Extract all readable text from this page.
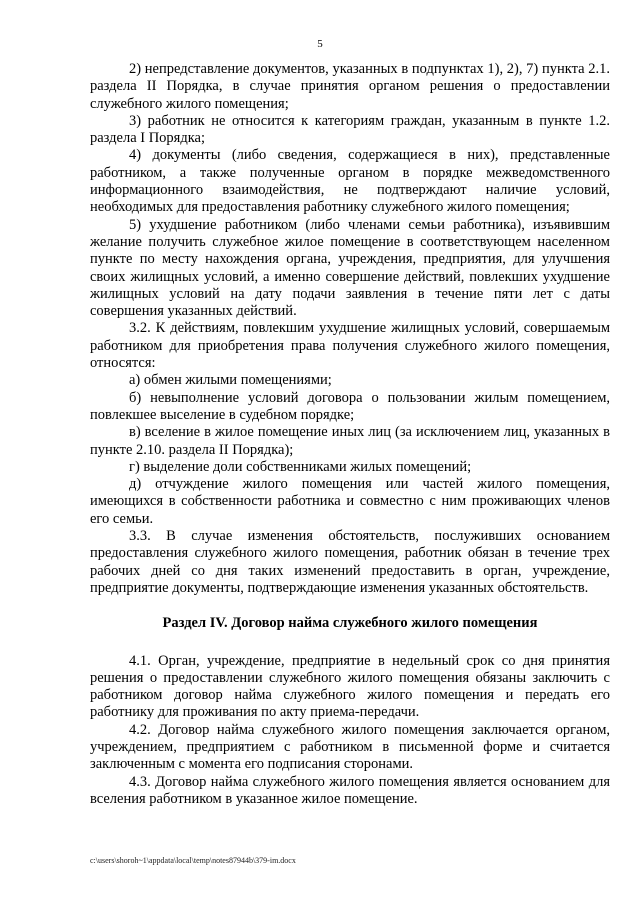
5

2) непредставление документов, указанных в подпунктах 1), 2), 7) пункта 2.1. раздела II Порядка, в случае принятия органом решения о предоставлении служебного жилого помещения;

3) работник не относится к категориям граждан, указанным в пункте 1.2. раздела I Порядка;

4) документы (либо сведения, содержащиеся в них), представленные работником, а также полученные органом в порядке межведомственного информационного взаимодействия, не подтверждают наличие условий, необходимых для предоставления работнику служебного жилого помещения;

5) ухудшение работником (либо членами семьи работника), изъявившим желание получить служебное жилое помещение в соответствующем населенном пункте по месту нахождения органа, учреждения, предприятия, для улучшения своих жилищных условий, а именно совершение действий, повлекших ухудшение жилищных условий на дату подачи заявления в течение пяти лет с даты совершения указанных действий.

3.2. К действиям, повлекшим ухудшение жилищных условий, совершаемым работником для приобретения права получения служебного жилого помещения, относятся:

а) обмен жилыми помещениями;

б) невыполнение условий договора о пользовании жилым помещением, повлекшее выселение в судебном порядке;

в) вселение в жилое помещение иных лиц (за исключением лиц, указанных в пункте 2.10. раздела II Порядка);

г) выделение доли собственниками жилых помещений;

д) отчуждение жилого помещения или частей жилого помещения, имеющихся в собственности работника и совместно с ним проживающих членов его семьи.

3.3. В случае изменения обстоятельств, послуживших основанием предоставления служебного жилого помещения, работник обязан в течение трех рабочих дней со дня таких изменений предоставить в орган, учреждение, предприятие документы, подтверждающие изменения указанных обстоятельств.

Раздел IV. Договор найма служебного жилого помещения

4.1. Орган, учреждение, предприятие в недельный срок со дня принятия решения о предоставлении служебного жилого помещения обязаны заключить с работником договор найма служебного жилого помещения и передать его работнику для проживания по акту приема-передачи.

4.2. Договор найма служебного жилого помещения заключается органом, учреждением, предприятием с работником в письменной форме и считается заключенным с момента его подписания сторонами.

4.3. Договор найма служебного жилого помещения является основанием для вселения работником в указанное жилое помещение.

c:\users\shoroh~1\appdata\local\temp\notes87944b\379-im.docx
